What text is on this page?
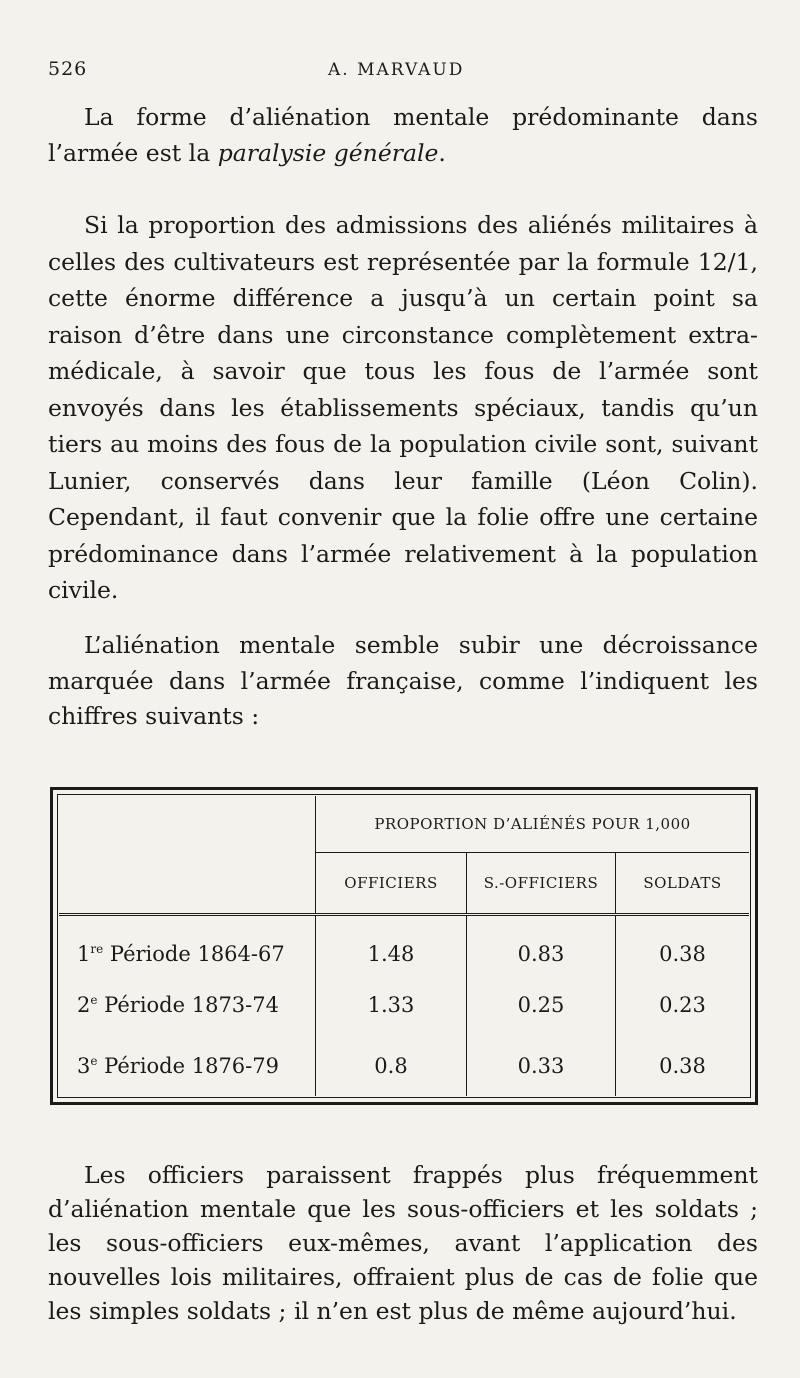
526	A. MARVAUD

La forme d’aliénation mentale prédominante dans l’armée est la paralysie générale.

Si la proportion des admissions des aliénés militaires à celles des cultivateurs est représentée par la formule 12/1, cette énorme différence a jusqu’à un certain point sa raison d’être dans une circonstance complètement extra-médicale, à savoir que tous les fous de l’armée sont envoyés dans les établissements spéciaux, tandis qu’un tiers au moins des fous de la population civile sont, suivant Lunier, conservés dans leur famille (Léon Colin). Cependant, il faut convenir que la folie offre une certaine prédominance dans l’armée relativement à la population civile.

L’aliénation mentale semble subir une décroissance marquée dans l’armée française, comme l’indiquent les chiffres suivants :

	PROPORTION D’ALIÉNÉS POUR 1,000		
	OFFICIERS	S.-OFFICIERS	SOLDATS
1re Période 1864-67	1.48	0.83	0.38
2e Période 1873-74	1.33	0.25	0.23
3e Période 1876-79	0.8	0.33	0.38

Les officiers paraissent frappés plus fréquemment d’aliénation mentale que les sous-officiers et les soldats ; les sous-officiers eux-mêmes, avant l’application des nouvelles lois militaires, offraient plus de cas de folie que les simples soldats ; il n’en est plus de même aujourd’hui.
